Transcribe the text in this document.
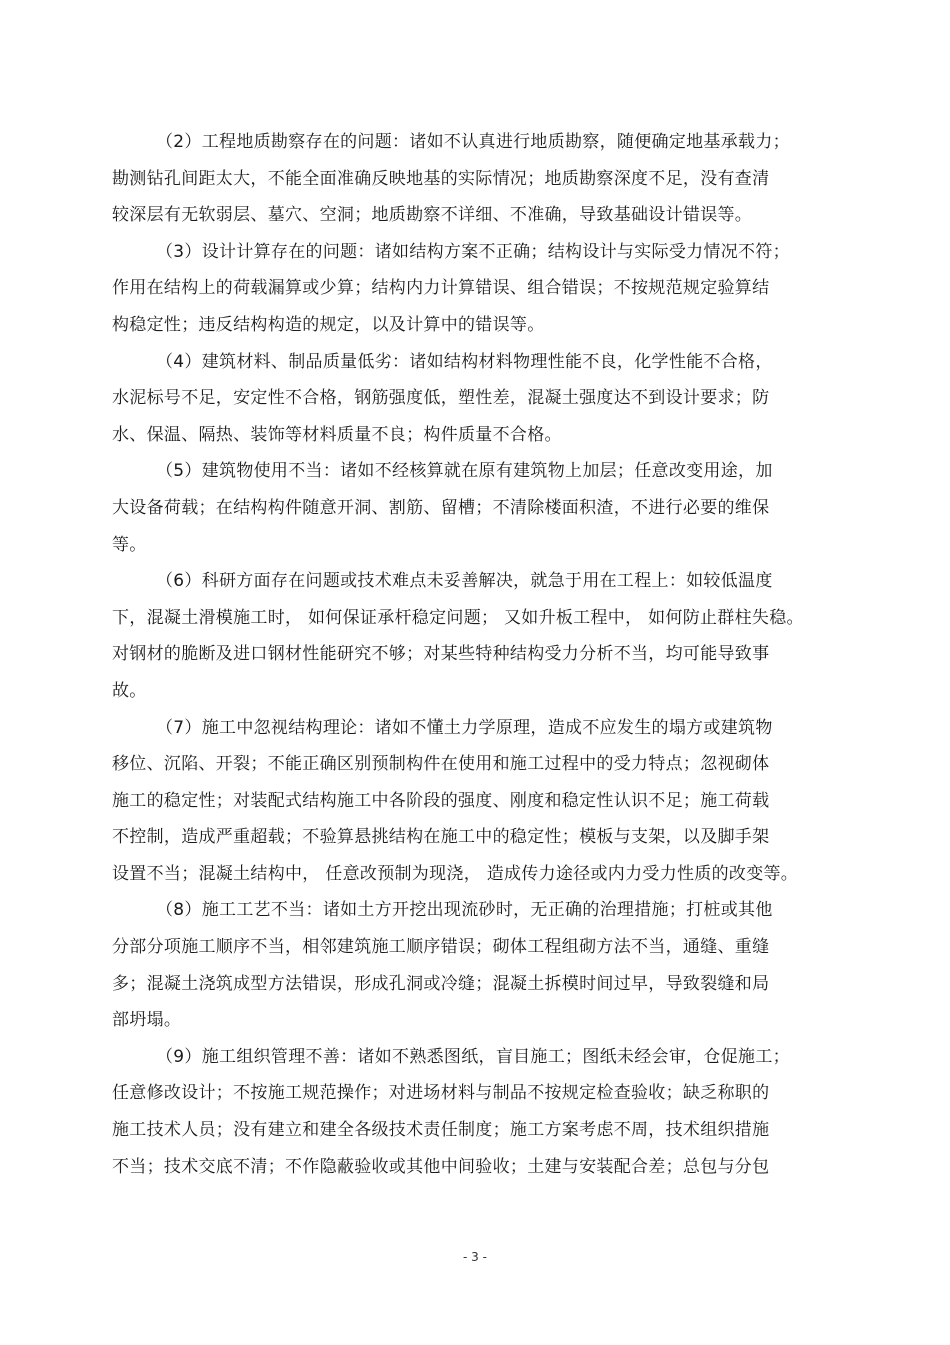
（2）工程地质勘察存在的问题：诸如不认真进行地质勘察，随便确定地基承载力；
勘测钻孔间距太大，不能全面准确反映地基的实际情况；地质勘察深度不足，没有查清
较深层有无软弱层、墓穴、空洞；地质勘察不详细、不准确，导致基础设计错误等。
（3）设计计算存在的问题：诸如结构方案不正确；结构设计与实际受力情况不符；
作用在结构上的荷载漏算或少算；结构内力计算错误、组合错误；不按规范规定验算结
构稳定性；违反结构构造的规定，以及计算中的错误等。
（4）建筑材料、制品质量低劣：诸如结构材料物理性能不良，化学性能不合格，
水泥标号不足，安定性不合格，钢筋强度低，塑性差，混凝土强度达不到设计要求；防
水、保温、隔热、装饰等材料质量不良；构件质量不合格。
（5）建筑物使用不当：诸如不经核算就在原有建筑物上加层；任意改变用途，加
大设备荷载；在结构构件随意开洞、割筋、留槽；不清除楼面积渣，不进行必要的维保
等。
（6）科研方面存在问题或技术难点未妥善解决，就急于用在工程上：如较低温度
下，混凝土滑模施工时， 如何保证承杆稳定问题； 又如升板工程中， 如何防止群柱失稳。
对钢材的脆断及进口钢材性能研究不够；对某些特种结构受力分析不当，均可能导致事
故。
（7）施工中忽视结构理论：诸如不懂土力学原理，造成不应发生的塌方或建筑物
移位、沉陷、开裂；不能正确区别预制构件在使用和施工过程中的受力特点；忽视砌体
施工的稳定性；对装配式结构施工中各阶段的强度、刚度和稳定性认识不足；施工荷载
不控制，造成严重超载；不验算悬挑结构在施工中的稳定性；模板与支架，以及脚手架
设置不当；混凝土结构中， 任意改预制为现浇， 造成传力途径或内力受力性质的改变等。
（8）施工工艺不当：诸如土方开挖出现流砂时，无正确的治理措施；打桩或其他
分部分项施工顺序不当，相邻建筑施工顺序错误；砌体工程组砌方法不当，通缝、重缝
多；混凝土浇筑成型方法错误，形成孔洞或冷缝；混凝土拆模时间过早，导致裂缝和局
部坍塌。
（9）施工组织管理不善：诸如不熟悉图纸，盲目施工；图纸未经会审，仓促施工；
任意修改设计；不按施工规范操作；对进场材料与制品不按规定检查验收；缺乏称职的
施工技术人员；没有建立和建全各级技术责任制度；施工方案考虑不周，技术组织措施
不当；技术交底不清；不作隐蔽验收或其他中间验收；土建与安装配合差；总包与分包
- 3 -
